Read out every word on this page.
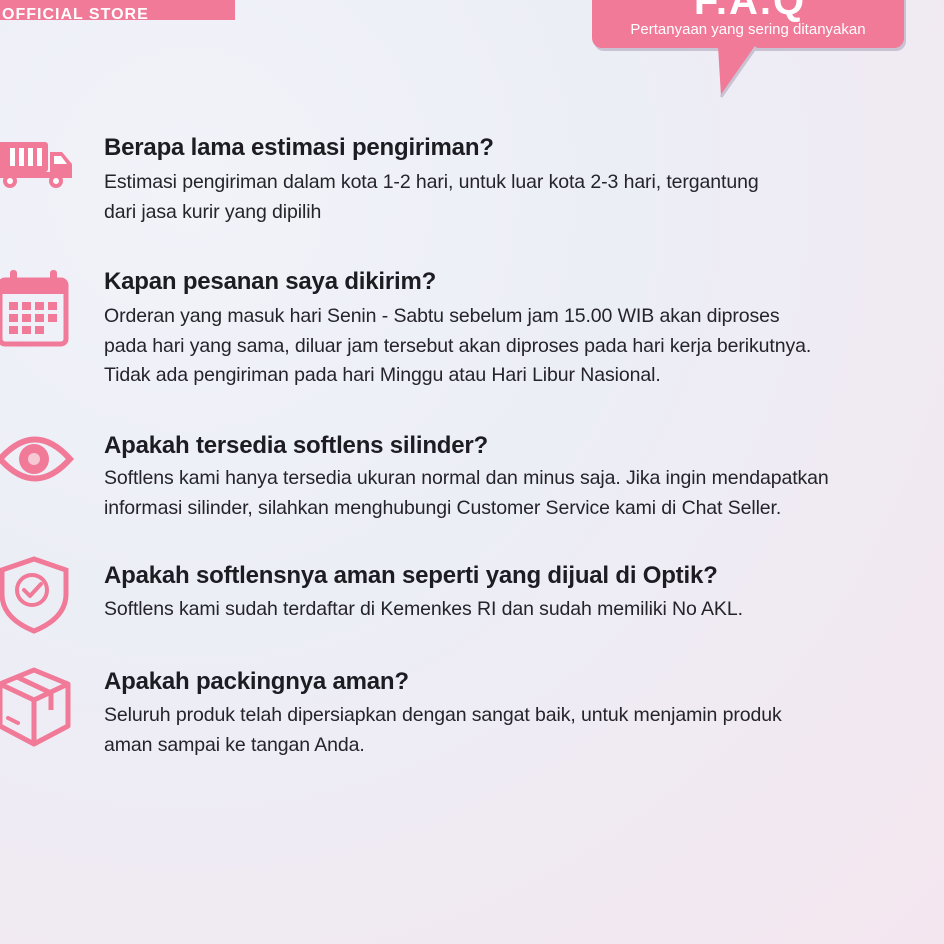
OFFICIAL STORE
Pertanyaan yang sering ditanyakan
Berapa lama estimasi pengiriman?
Estimasi pengiriman dalam kota 1-2 hari, untuk luar kota 2-3 hari, tergantung
dari jasa kurir yang dipilih
Kapan pesanan saya dikirim?
Orderan yang masuk hari Senin - Sabtu sebelum jam 15.00 WIB akan diproses
pada hari yang sama, diluar jam tersebut akan diproses pada hari kerja berikutnya.
Tidak ada pengiriman pada hari Minggu atau Hari Libur Nasional.
Apakah tersedia softlens silinder?
Softlens kami hanya tersedia ukuran normal dan minus saja. Jika ingin mendapatkan
informasi silinder, silahkan menghubungi Customer Service kami di Chat Seller.
Apakah softlensnya aman seperti yang dijual di Optik?
Softlens kami sudah terdaftar di Kemenkes RI dan sudah memiliki No AKL.
Apakah packingnya aman?
Seluruh produk telah dipersiapkan dengan sangat baik, untuk menjamin produk
aman sampai ke tangan Anda.
